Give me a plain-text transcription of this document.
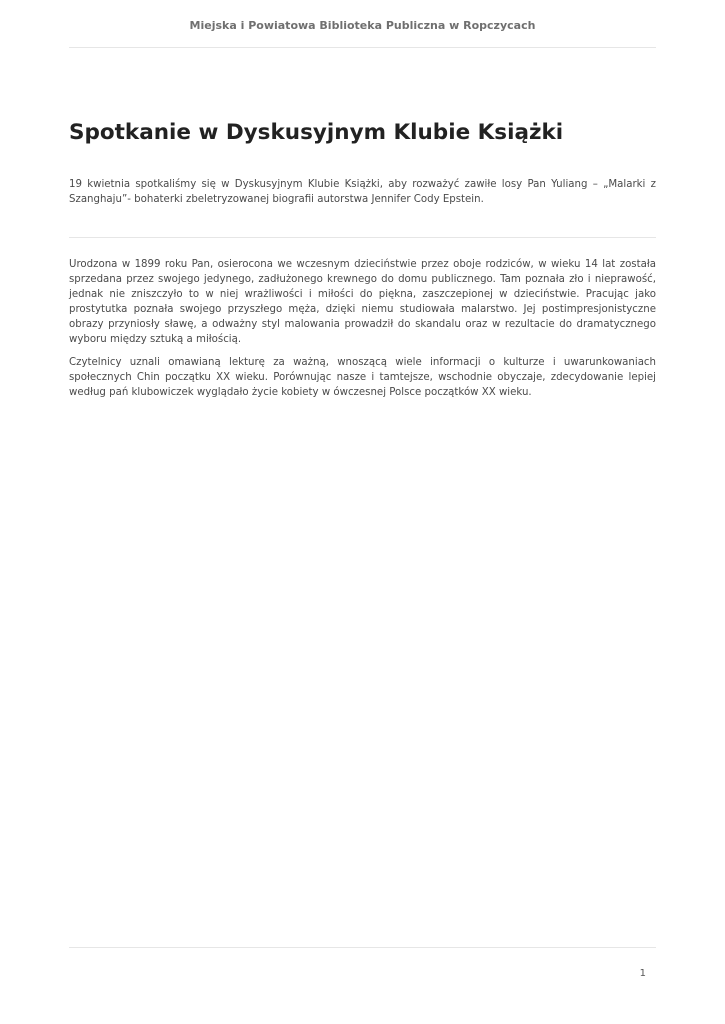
Miejska i Powiatowa Biblioteka Publiczna w Ropczycach
Spotkanie w Dyskusyjnym Klubie Książki

19 kwietnia spotkaliśmy się w Dyskusyjnym Klubie Książki, aby rozważyć zawiłe losy Pan Yuliang – „Malarki z Szanghaju”- bohaterki zbeletryzowanej biografii autorstwa Jennifer Cody Epstein.

Urodzona w 1899 roku Pan, osierocona we wczesnym dzieciństwie przez oboje rodziców, w wieku 14 lat została sprzedana przez swojego jedynego, zadłużonego krewnego do domu publicznego. Tam poznała zło i nieprawość, jednak nie zniszczyło to w niej wrażliwości i miłości do piękna, zaszczepionej w dzieciństwie. Pracując jako prostytutka poznała swojego przyszłego męża, dzięki niemu studiowała malarstwo. Jej postimpresjonistyczne obrazy przyniosły sławę, a odważny styl malowania prowadził do skandalu oraz w rezultacie do dramatycznego wyboru między sztuką a miłością.

Czytelnicy uznali omawianą lekturę za ważną, wnoszącą wiele informacji o kulturze i uwarunkowaniach społecznych Chin początku XX wieku. Porównując nasze i tamtejsze, wschodnie obyczaje, zdecydowanie lepiej według pań klubowiczek wyglądało życie kobiety w ówczesnej Polsce początków XX wieku.

1
